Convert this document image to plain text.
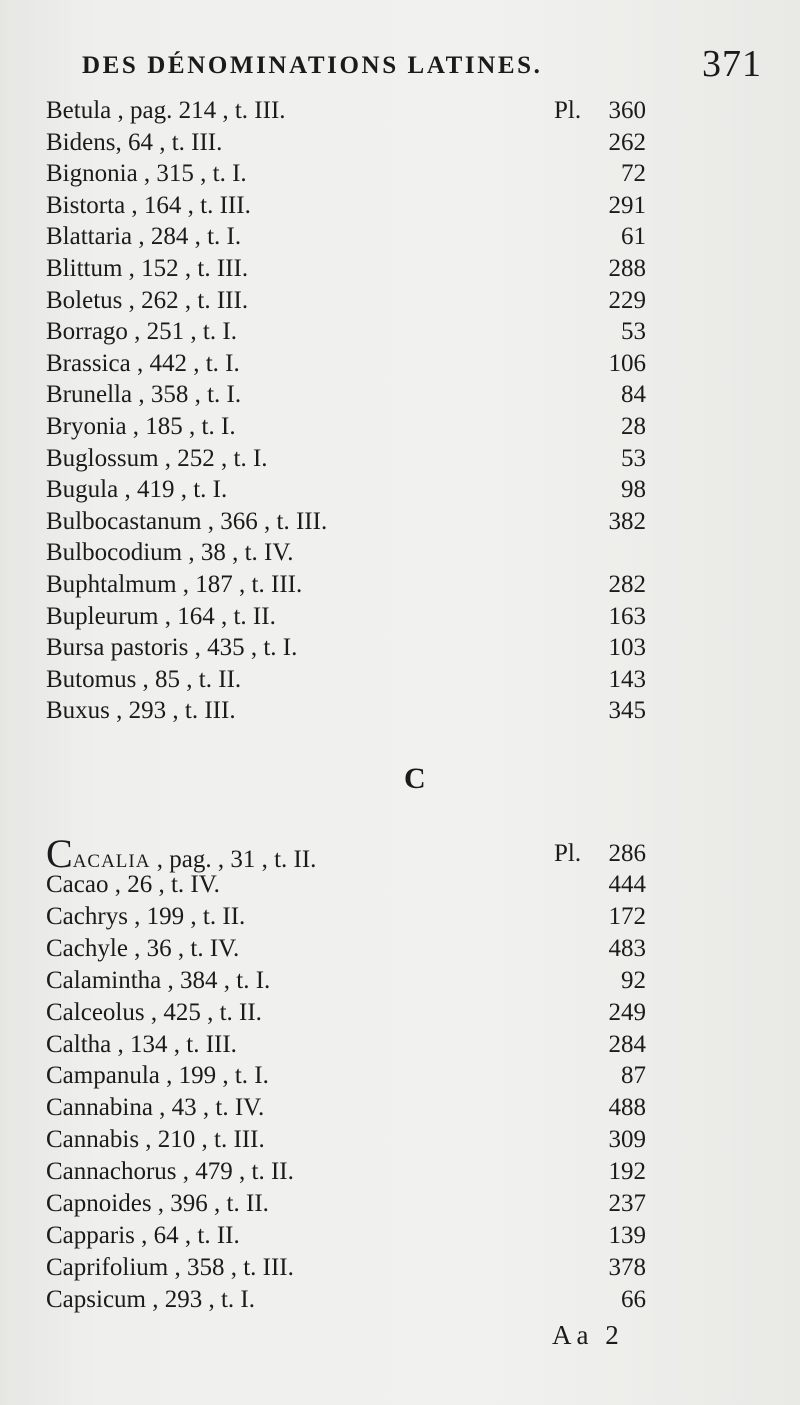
DES DÉNOMINATIONS LATINES.	371
Betula , pag. 214 , t. III.	Pl.	360
Bidens, 64 , t. III.	262
Bignonia , 315 , t. I.	72
Bistorta , 164 , t. III.	291
Blattaria , 284 , t. I.	61
Blittum , 152 , t. III.	288
Boletus , 262 , t. III.	229
Borrago , 251 , t. I.	53
Brassica , 442 , t. I.	106
Brunella , 358 , t. I.	84
Bryonia , 185 , t. I.	28
Buglossum , 252 , t. I.	53
Bugula , 419 , t. I.	98
Bulbocastanum , 366 , t. III.	382
Bulbocodium , 38 , t. IV.
Buphtalmum , 187 , t. III.	282
Bupleurum , 164 , t. II.	163
Bursa pastoris , 435 , t. I.	103
Butomus , 85 , t. II.	143
Buxus , 293 , t. III.	345
C
CACALIA , pag. , 31 , t. II.	Pl.	286
Cacao , 26 , t. IV.	444
Cachrys , 199 , t. II.	172
Cachyle , 36 , t. IV.	483
Calamintha , 384 , t. I.	92
Calceolus , 425 , t. II.	249
Caltha , 134 , t. III.	284
Campanula , 199 , t. I.	87
Cannabina , 43 , t. IV.	488
Cannabis , 210 , t. III.	309
Cannachorus , 479 , t. II.	192
Capnoides , 396 , t. II.	237
Capparis , 64 , t. II.	139
Caprifolium , 358 , t. III.	378
Capsicum , 293 , t. I.	66
Aa 2
